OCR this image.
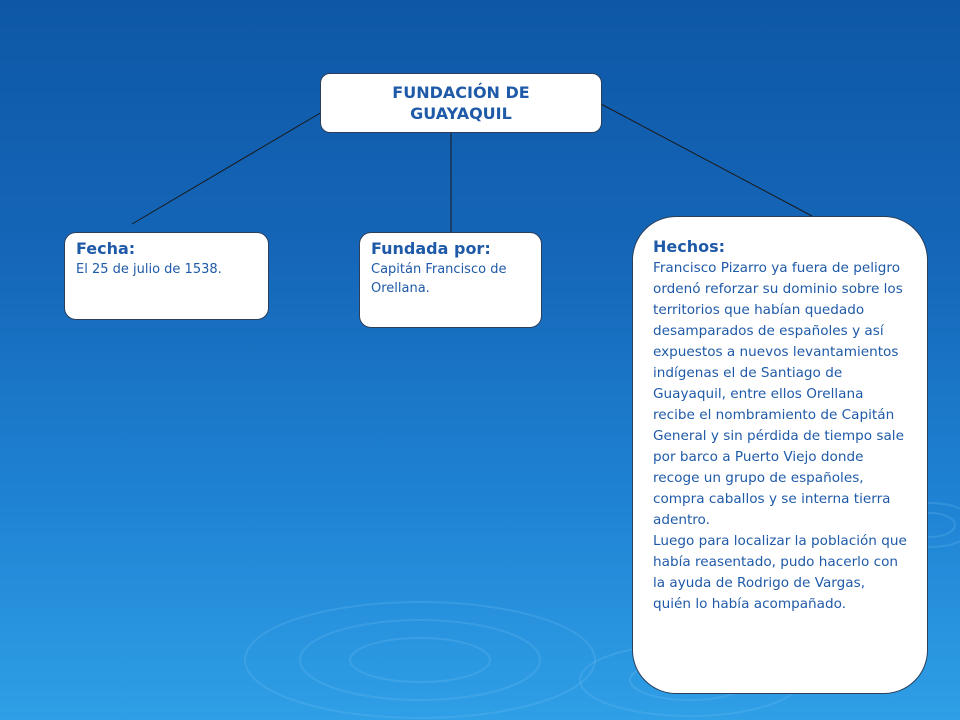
FUNDACIÓN DE GUAYAQUIL
Fecha:
El 25 de julio de 1538.
Fundada por:
Capitán Francisco de Orellana.
Hechos:
Francisco Pizarro ya fuera de peligro ordenó reforzar su dominio sobre los territorios que habían quedado desamparados de españoles y así expuestos a nuevos levantamientos indígenas el de Santiago de Guayaquil, entre ellos Orellana recibe el nombramiento de Capitán General y sin pérdida de tiempo sale por barco a Puerto Viejo donde recoge un grupo de españoles, compra caballos y se interna tierra adentro.
Luego para localizar la población que había reasentado, pudo hacerlo con la ayuda de Rodrigo de Vargas, quién lo había acompañado.
